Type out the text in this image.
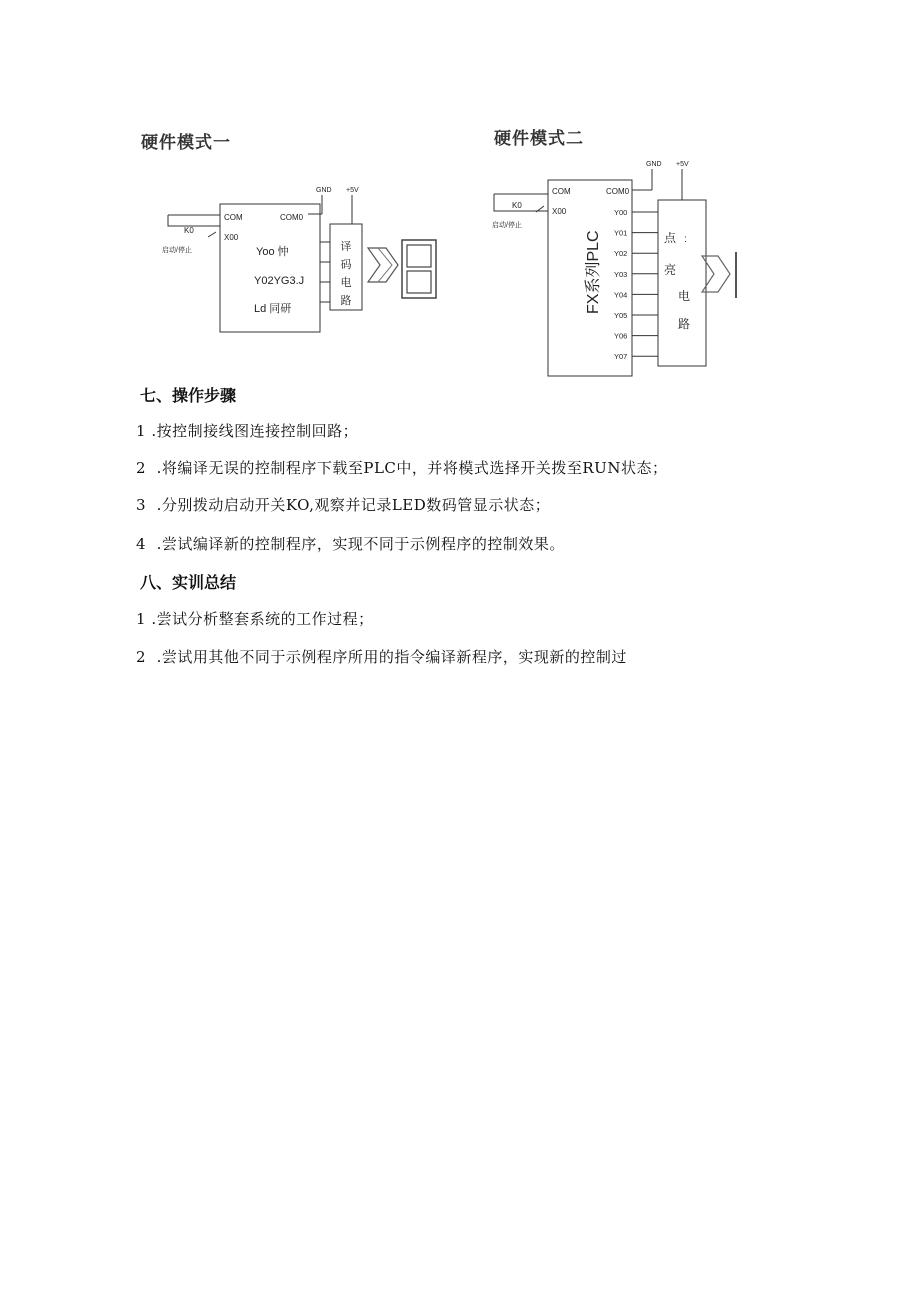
硬件模式一
GND +5V
K0
启动/停止
COM
X00
COM0
Yoo 忡
Y02YG3.J
Ld 同研
译
码
电
路
硬件模式二
GND +5V
K0
启动/停止
COM
X00
COM0
FX系列PLC
Y00
Y01
Y02
Y03
Y04
Y05
Y06
Y07
点 :
亮
电
路
七、操作步骤
1 .按控制接线图连接控制回路；
2  .将编译无误的控制程序下载至PLC中，并将模式选择开关拨至RUN状态；
3  .分别拨动启动开关KO,观察并记录LED数码管显示状态；
4  .尝试编译新的控制程序，实现不同于示例程序的控制效果。
八、实训总结
1 .尝试分析整套系统的工作过程；
2  .尝试用其他不同于示例程序所用的指令编译新程序，实现新的控制过
